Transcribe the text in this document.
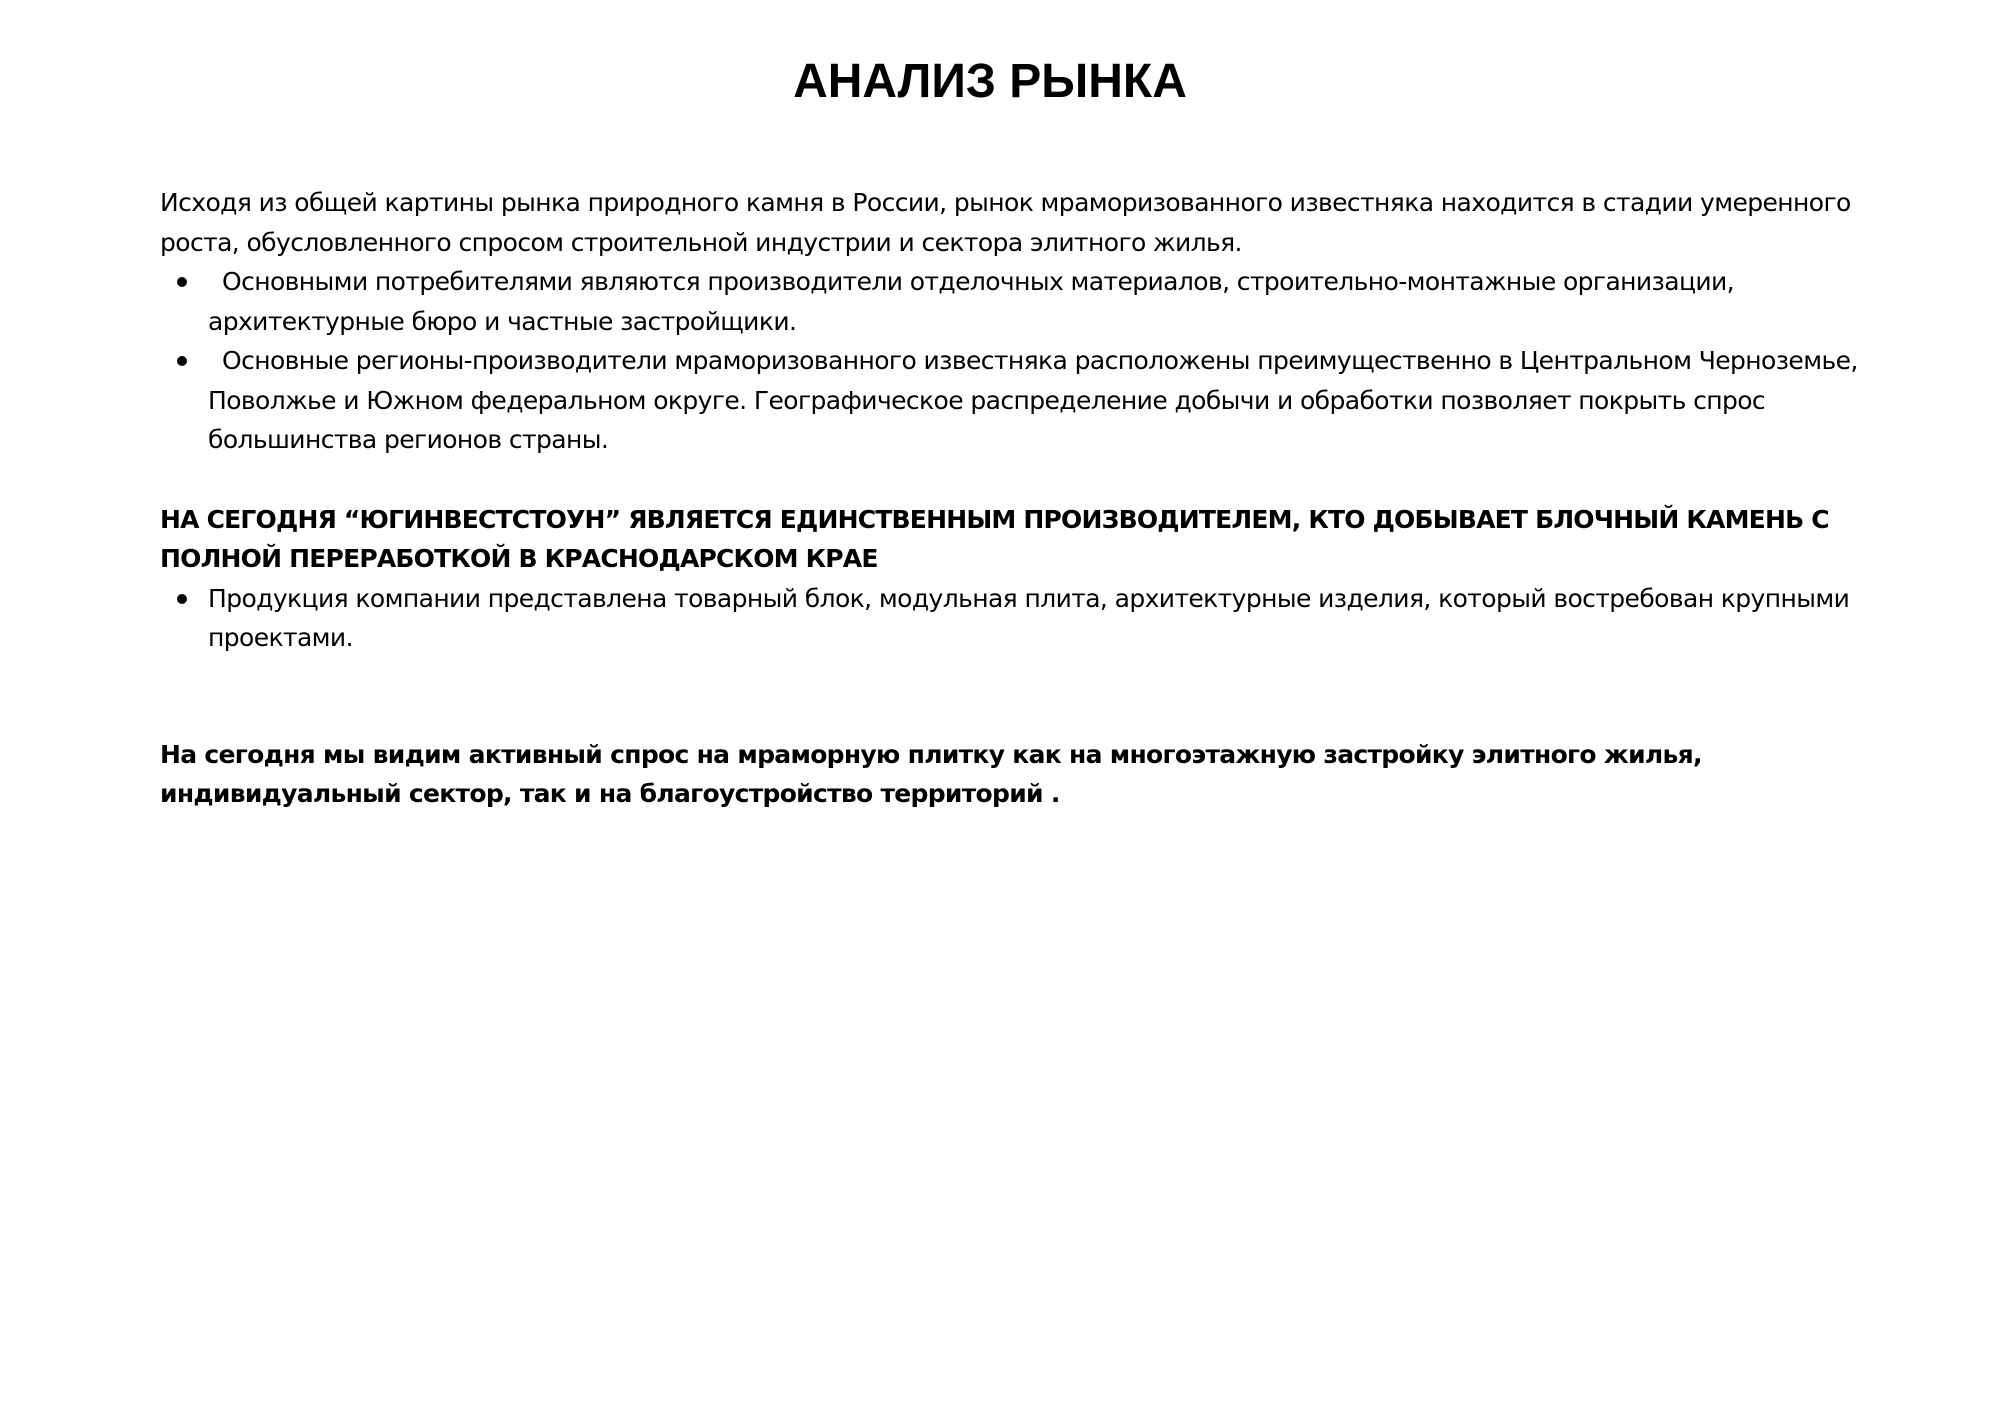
АНАЛИЗ РЫНКА

Исходя из общей картины рынка природного камня в России, рынок мраморизованного известняка находится в стадии умеренного роста, обусловленного спросом строительной индустрии и сектора элитного жилья.

Основными потребителями являются производители отделочных материалов, строительно-монтажные организации, архитектурные бюро и частные застройщики.
Основные регионы-производители мраморизованного известняка расположены преимущественно в Центральном Черноземье, Поволжье и Южном федеральном округе. Географическое распределение добычи и обработки позволяет покрыть спрос большинства регионов страны.

НА СЕГОДНЯ “ЮГИНВЕСТСТОУН” ЯВЛЯЕТСЯ ЕДИНСТВЕННЫМ ПРОИЗВОДИТЕЛЕМ, КТО ДОБЫВАЕТ БЛОЧНЫЙ КАМЕНЬ С ПОЛНОЙ ПЕРЕРАБОТКОЙ В КРАСНОДАРСКОМ КРАЕ

Продукция компании представлена товарный блок, модульная плита, архитектурные изделия, который востребован крупными проектами.

На сегодня мы видим активный спрос на мраморную плитку как на многоэтажную застройку элитного жилья, индивидуальный сектор, так и на благоустройство территорий .
